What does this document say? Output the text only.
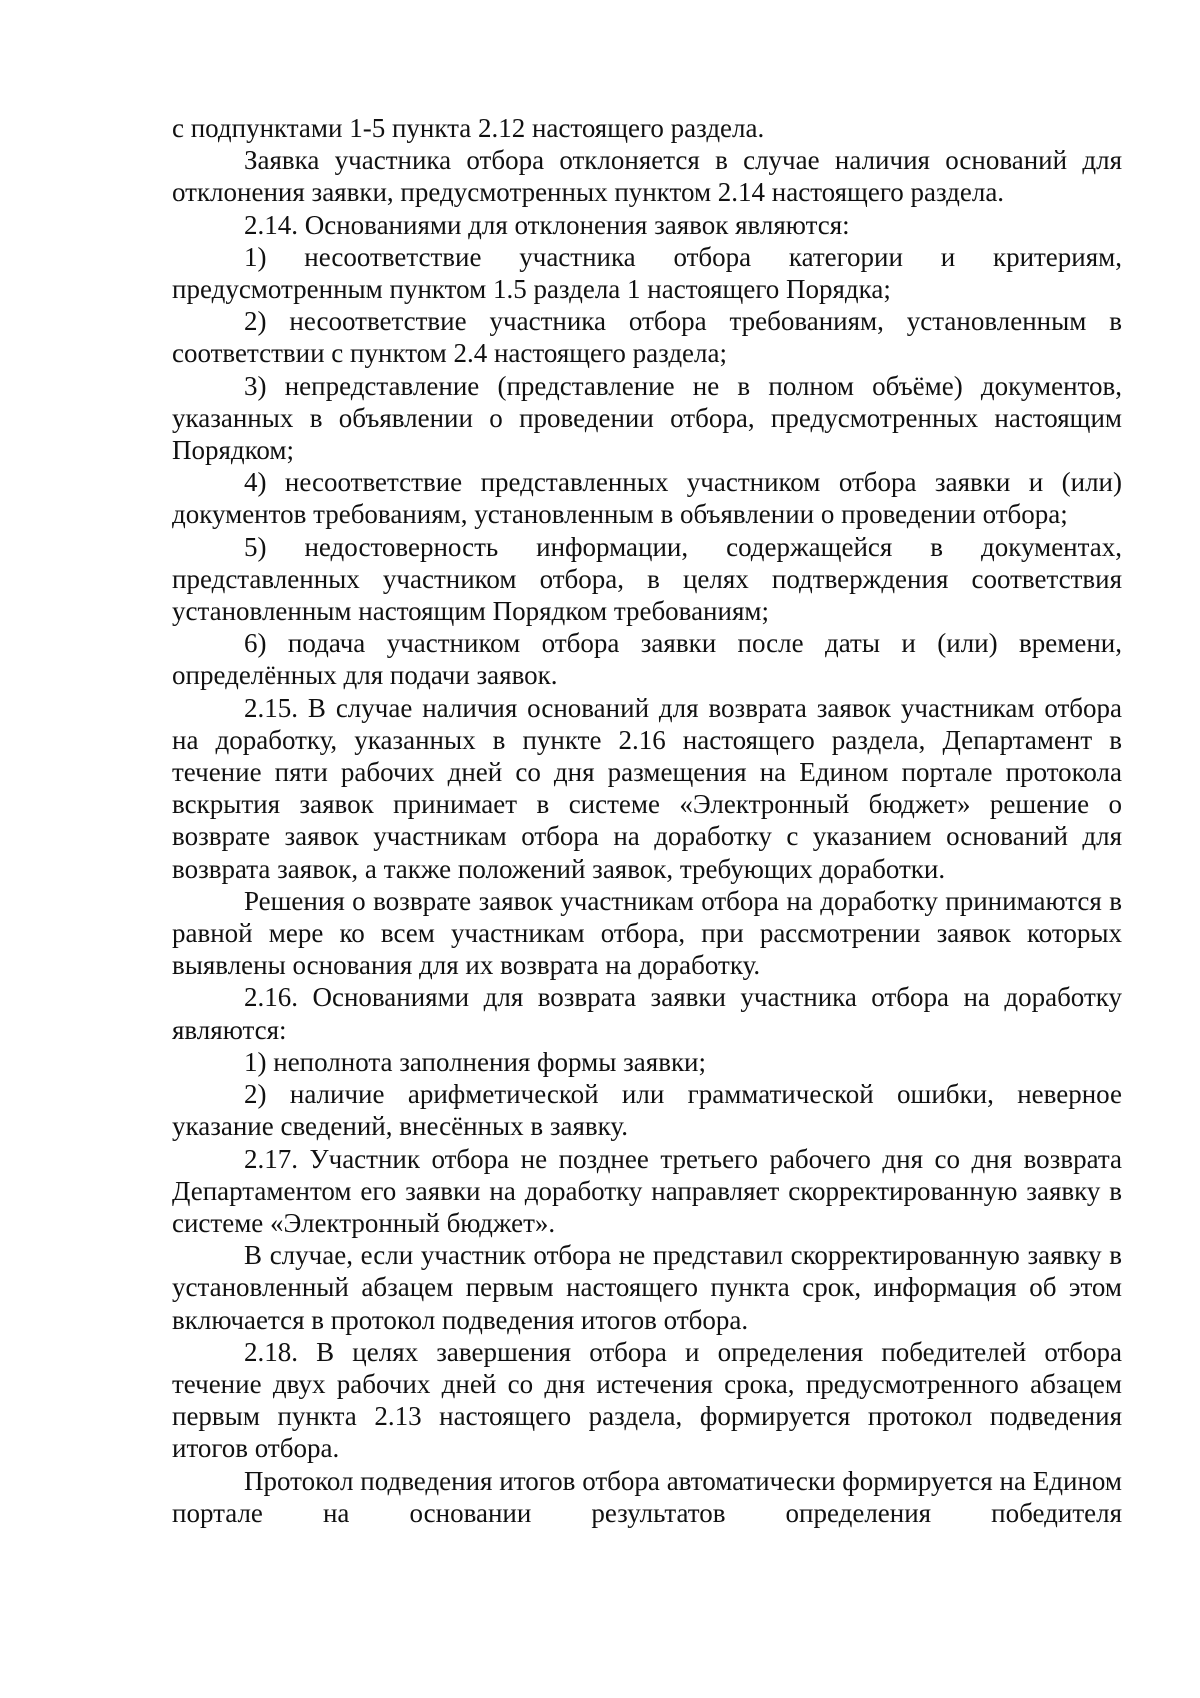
с подпунктами 1-5 пункта 2.12 настоящего раздела.

Заявка участника отбора отклоняется в случае наличия оснований для отклонения заявки, предусмотренных пунктом 2.14 настоящего раздела.

2.14. Основаниями для отклонения заявок являются:

1) несоответствие участника отбора категории и критериям, предусмотренным пунктом 1.5 раздела 1 настоящего Порядка;

2) несоответствие участника отбора требованиям, установленным в соответствии с пунктом 2.4 настоящего раздела;

3) непредставление (представление не в полном объёме) документов, указанных в объявлении о проведении отбора, предусмотренных настоящим Порядком;

4) несоответствие представленных участником отбора заявки и (или) документов требованиям, установленным в объявлении о проведении отбора;

5) недостоверность информации, содержащейся в документах, представленных участником отбора, в целях подтверждения соответствия установленным настоящим Порядком требованиям;

6) подача участником отбора заявки после даты и (или) времени, определённых для подачи заявок.

2.15. В случае наличия оснований для возврата заявок участникам отбора на доработку, указанных в пункте 2.16 настоящего раздела, Департамент в течение пяти рабочих дней со дня размещения на Едином портале протокола вскрытия заявок принимает в системе «Электронный бюджет» решение о возврате заявок участникам отбора на доработку с указанием оснований для возврата заявок, а также положений заявок, требующих доработки.

Решения о возврате заявок участникам отбора на доработку принимаются в равной мере ко всем участникам отбора, при рассмотрении заявок которых выявлены основания для их возврата на доработку.

2.16. Основаниями для возврата заявки участника отбора на доработку являются:

1) неполнота заполнения формы заявки;

2) наличие арифметической или грамматической ошибки, неверное указание сведений, внесённых в заявку.

2.17. Участник отбора не позднее третьего рабочего дня со дня возврата Департаментом его заявки на доработку направляет скорректированную заявку в системе «Электронный бюджет».

В случае, если участник отбора не представил скорректированную заявку в установленный абзацем первым настоящего пункта срок, информация об этом включается в протокол подведения итогов отбора.

2.18. В целях завершения отбора и определения победителей отбора течение двух рабочих дней со дня истечения срока, предусмотренного абзацем первым пункта 2.13 настоящего раздела, формируется протокол подведения итогов отбора.

Протокол подведения итогов отбора автоматически формируется на Едином портале на основании результатов определения победителя
